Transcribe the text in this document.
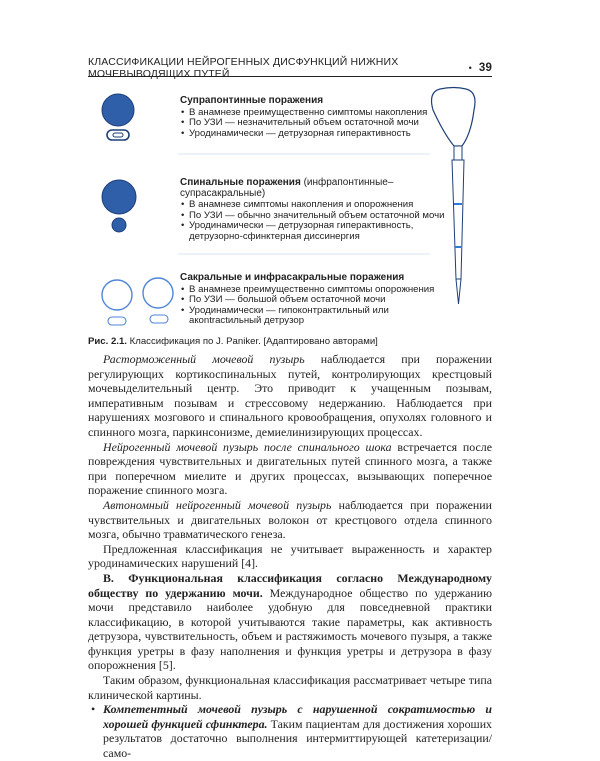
КЛАССИФИКАЦИИ НЕЙРОГЕННЫХ ДИСФУНКЦИЙ НИЖНИХ МОЧЕВЫВОДЯЩИХ ПУТЕЙ	• 39
Супрапонтинные поражения
• В анамнезе преимущественно симптомы накопления
• По УЗИ — незначительный объем остаточной мочи
• Уродинамически — детрузорная гиперактивность
Спинальные поражения (инфрапонтинные–супрасакральные)
• В анамнезе симптомы накопления и опорожнения
• По УЗИ — обычно значительный объем остаточной мочи
• Уродинамически — детрузорная гиперактивность,
детрузорно-сфинктерная диссинергия
Сакральные и инфрасакральные поражения
• В анамнезе преимущественно симптомы опорожнения
• По УЗИ — большой объем остаточной мочи
• Уродинамически — гипоконтрактильный или
акontractильный детрузор
Рис. 2.1. Классификация по J. Paniker. [Адаптировано авторами]

Расторможенный мочевой пузырь наблюдается при поражении регулирующих кортикоспинальных путей, контролирующих крестцовый мочевыделительный центр. Это приводит к учащенным позывам, императивным позывам и стрессовому недержанию. Наблюдается при нарушениях мозгового и спинального кровообращения, опухолях головного и спинного мозга, паркинсонизме, демиелинизирующих процессах.

Нейрогенный мочевой пузырь после спинального шока встречается после повреждения чувствительных и двигательных путей спинного мозга, а также при поперечном миелите и других процессах, вызывающих поперечное поражение спинного мозга.

Автономный нейрогенный мочевой пузырь наблюдается при поражении чувствительных и двигательных волокон от крестцового отдела спинного мозга, обычно травматического генеза.

Предложенная классификация не учитывает выраженность и характер уродинамических нарушений [4].

В. Функциональная классификация согласно Международному обществу по удержанию мочи. Международное общество по удержанию мочи представило наиболее удобную для повседневной практики классификацию, в которой учитываются такие параметры, как активность детрузора, чувствительность, объем и растяжимость мочевого пузыря, а также функция уретры в фазу наполнения и функция уретры и детрузора в фазу опорожнения [5].

Таким образом, функциональная классификация рассматривает четыре типа клинической картины.

• Компетентный мочевой пузырь с нарушенной сократимостью и хорошей функцией сфинктера. Таким пациентам для достижения хороших результатов достаточно выполнения интермиттирующей катетеризации/само-
